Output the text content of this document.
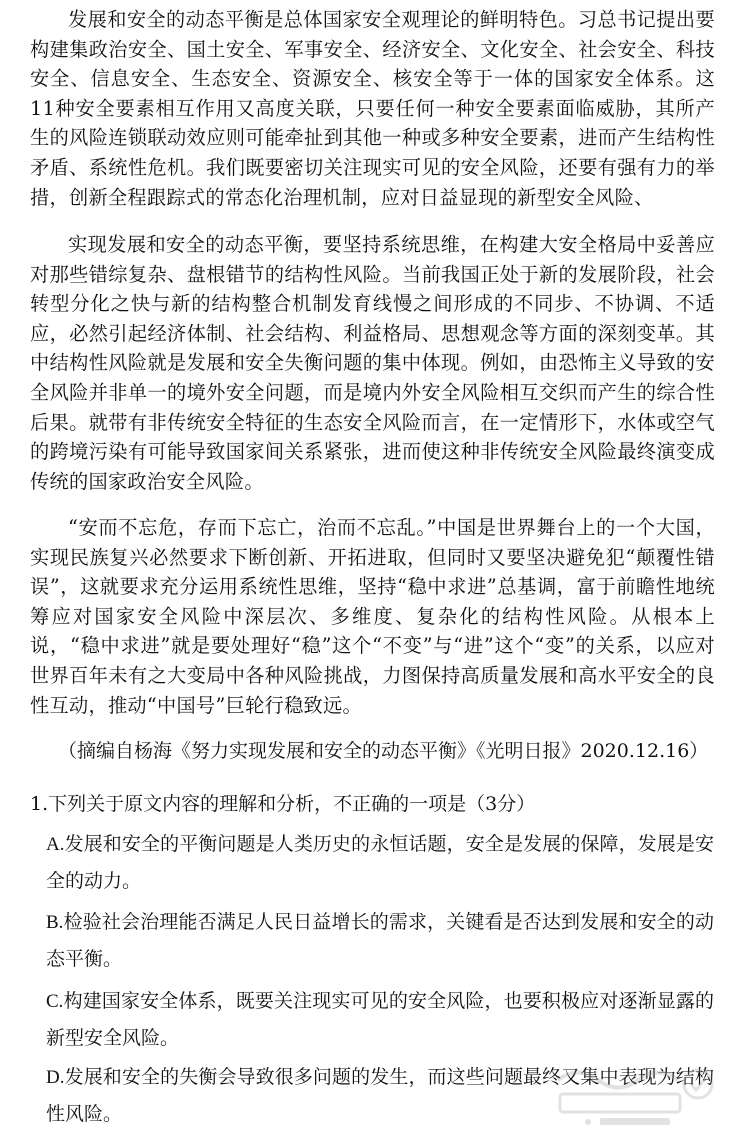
发展和安全的动态平衡是总体国家安全观理论的鲜明特色。习总书记提出要构建集政治安全、国土安全、军事安全、经济安全、文化安全、社会安全、科技安全、信息安全、生态安全、资源安全、核安全等于一体的国家安全体系。这11种安全要素相互作用又高度关联，只要任何一种安全要素面临威胁，其所产生的风险连锁联动效应则可能牵扯到其他一种或多种安全要素，进而产生结构性矛盾、系统性危机。我们既要密切关注现实可见的安全风险，还要有强有力的举措，创新全程跟踪式的常态化治理机制，应对日益显现的新型安全风险、

实现发展和安全的动态平衡，要坚持系统思维，在构建大安全格局中妥善应对那些错综复杂、盘根错节的结构性风险。当前我国正处于新的发展阶段，社会转型分化之快与新的结构整合机制发育线慢之间形成的不同步、不协调、不适应，必然引起经济体制、社会结构、利益格局、思想观念等方面的深刻变革。其中结构性风险就是发展和安全失衡问题的集中体现。例如，由恐怖主义导致的安全风险并非单一的境外安全问题，而是境内外安全风险相互交织而产生的综合性后果。就带有非传统安全特征的生态安全风险而言，在一定情形下，水体或空气的跨境污染有可能导致国家间关系紧张，进而使这种非传统安全风险最终演变成传统的国家政治安全风险。

“安而不忘危，存而下忘亡，治而不忘乱。”中国是世界舞台上的一个大国，实现民族复兴必然要求下断创新、开拓进取，但同时又要坚决避免犯“颠覆性错误”，这就要求充分运用系统性思维，坚持“稳中求进”总基调，富于前瞻性地统筹应对国家安全风险中深层次、多维度、复杂化的结构性风险。从根本上说，“稳中求进”就是要处理好“稳”这个“不变”与“进”这个“变”的关系，以应对世界百年未有之大变局中各种风险挑战，力图保持高质量发展和高水平安全的良性互动，推动“中国号”巨轮行稳致远。

（摘编自杨海《努力实现发展和安全的动态平衡》《光明日报》2020.12.16）

1.下列关于原文内容的理解和分析，不正确的一项是（3分）

A.发展和安全的平衡问题是人类历史的永恒话题，安全是发展的保障，发展是安全的动力。

B.检验社会治理能否满足人民日益增长的需求，关键看是否达到发展和安全的动态平衡。

C.构建国家安全体系，既要关注现实可见的安全风险，也要积极应对逐渐显露的新型安全风险。

D.发展和安全的失衡会导致很多问题的发生，而这些问题最终又集中表现为结构性风险。
